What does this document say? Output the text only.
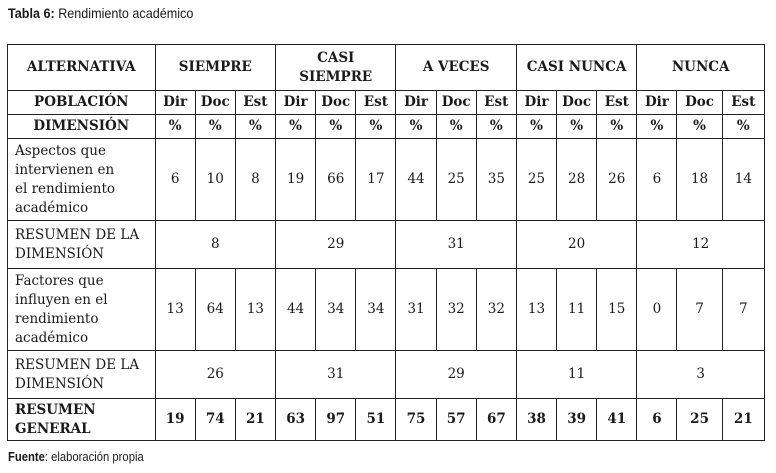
Tabla 6: Rendimiento académico
ALTERNATIVA	SIEMPRE			CASI
SIEMPRE			A VECES			CASI NUNCA			NUNCA		
POBLACIÓN	Dir	Doc	Est	Dir	Doc	Est	Dir	Doc	Est	Dir	Doc	Est	Dir	Doc	Est
DIMENSIÓN	%	%	%	%	%	%	%	%	%	%	%	%	%	%	%
Aspectos que
intervienen en
el rendimiento
académico	6	10	8	19	66	17	44	25	35	25	28	26	6	18	14
RESUMEN DE LA
DIMENSIÓN	8			29			31			20			12		
Factores que
influyen en el
rendimiento
académico	13	64	13	44	34	34	31	32	32	13	11	15	0	7	7
RESUMEN DE LA
DIMENSIÓN	26			31			29			11			3		
RESUMEN
GENERAL	19	74	21	63	97	51	75	57	67	38	39	41	6	25	21
Fuente: elaboración propia
